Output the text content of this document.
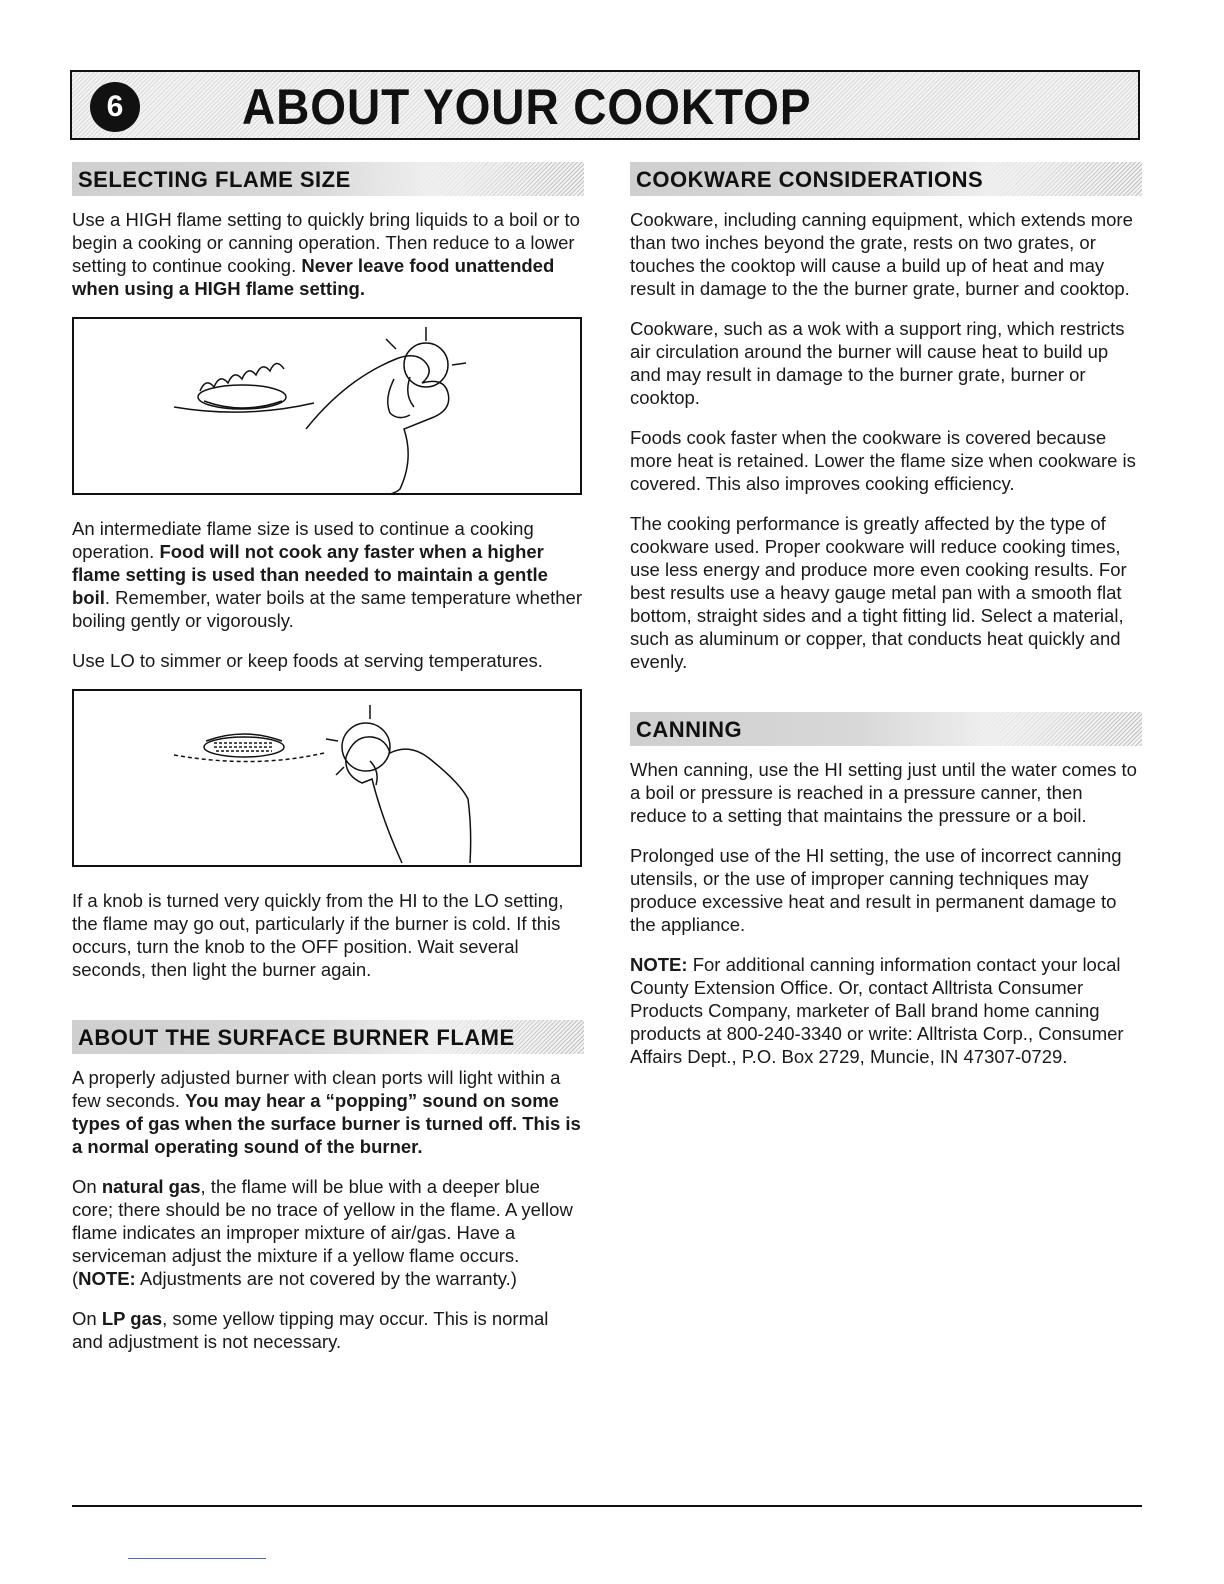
6	ABOUT YOUR COOKTOP
SELECTING FLAME SIZE

Use a HIGH flame setting to quickly bring liquids to a boil or to begin a cooking or canning operation. Then reduce to a lower setting to continue cooking. Never leave food unattended when using a HIGH flame setting.

An intermediate flame size is used to continue a cooking operation. Food will not cook any faster when a higher flame setting is used than needed to maintain a gentle boil. Remember, water boils at the same temperature whether boiling gently or vigorously.

Use LO to simmer or keep foods at serving temperatures.

If a knob is turned very quickly from the HI to the LO setting, the flame may go out, particularly if the burner is cold. If this occurs, turn the knob to the OFF position. Wait several seconds, then light the burner again.

ABOUT THE SURFACE BURNER FLAME

A properly adjusted burner with clean ports will light within a few seconds. You may hear a “popping” sound on some types of gas when the surface burner is turned off. This is a normal operating sound of the burner.

On natural gas, the flame will be blue with a deeper blue core; there should be no trace of yellow in the flame. A yellow flame indicates an improper mixture of air/gas. Have a serviceman adjust the mixture if a yellow flame occurs. (NOTE: Adjustments are not covered by the warranty.)

On LP gas, some yellow tipping may occur. This is normal and adjustment is not necessary.

COOKWARE CONSIDERATIONS

Cookware, including canning equipment, which extends more than two inches beyond the grate, rests on two grates, or touches the cooktop will cause a build up of heat and may result in damage to the the burner grate, burner and cooktop.

Cookware, such as a wok with a support ring, which restricts air circulation around the burner will cause heat to build up and may result in damage to the burner grate, burner or cooktop.

Foods cook faster when the cookware is covered because more heat is retained. Lower the flame size when cookware is covered. This also improves cooking efficiency.

The cooking performance is greatly affected by the type of cookware used. Proper cookware will reduce cooking times, use less energy and produce more even cooking results. For best results use a heavy gauge metal pan with a smooth flat bottom, straight sides and a tight fitting lid. Select a material, such as aluminum or copper, that conducts heat quickly and evenly.

CANNING

When canning, use the HI setting just until the water comes to a boil or pressure is reached in a pressure canner, then reduce to a setting that maintains the pressure or a boil.

Prolonged use of the HI setting, the use of incorrect canning utensils, or the use of improper canning techniques may produce excessive heat and result in permanent damage to the appliance.

NOTE: For additional canning information contact your local County Extension Office. Or, contact Alltrista Consumer Products Company, marketer of Ball brand home canning products at 800-240-3340 or write: Alltrista Corp., Consumer Affairs Dept., P.O. Box 2729, Muncie, IN 47307-0729.
